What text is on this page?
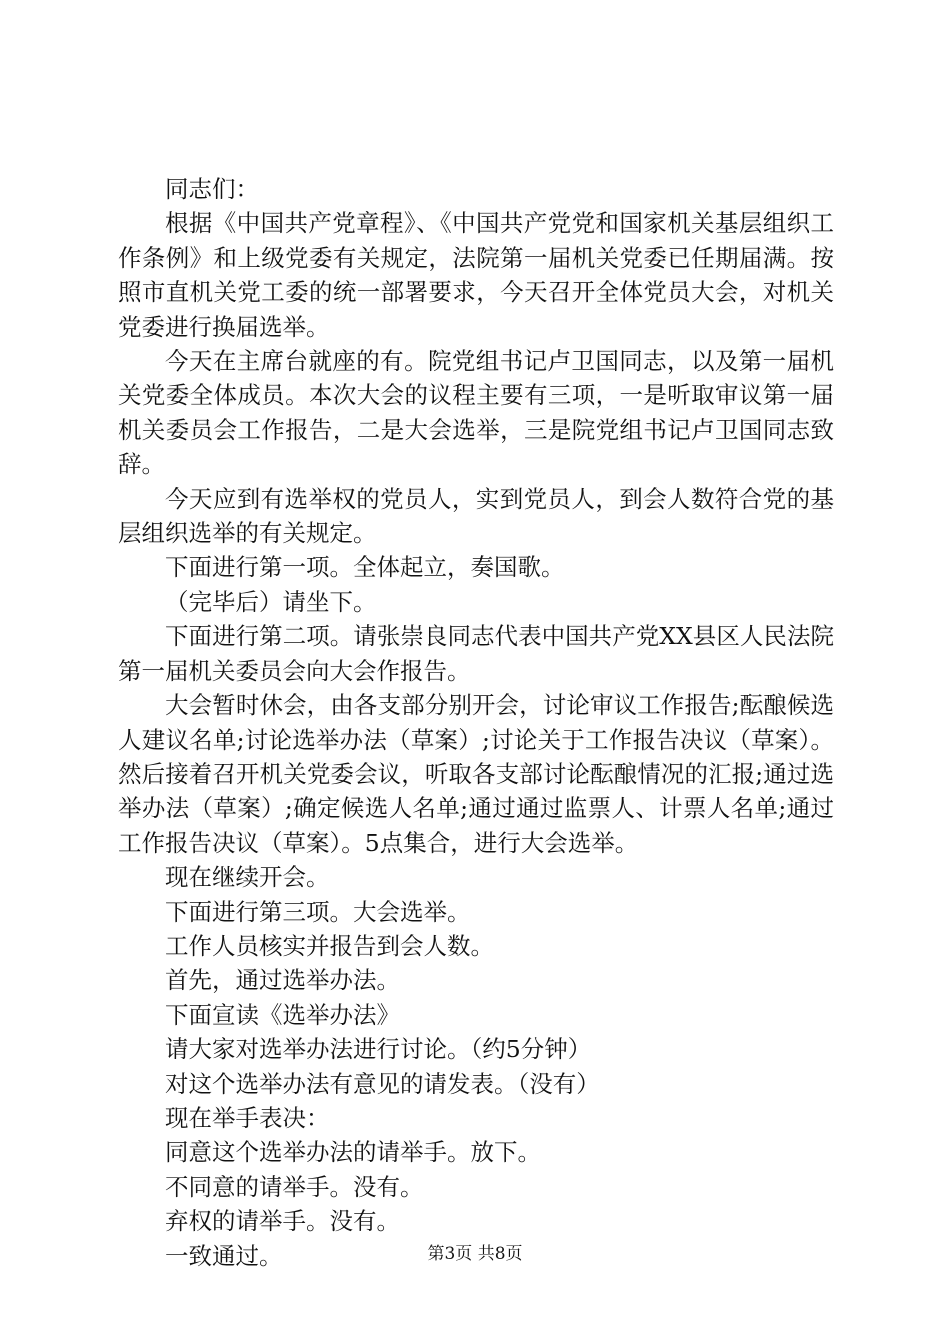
同志们：

根据《中国共产党章程》、《中国共产党党和国家机关基层组织工作条例》和上级党委有关规定，法院第一届机关党委已任期届满。按照市直机关党工委的统一部署要求，今天召开全体党员大会，对机关党委进行换届选举。

今天在主席台就座的有。院党组书记卢卫国同志，以及第一届机关党委全体成员。本次大会的议程主要有三项，一是听取审议第一届机关委员会工作报告，二是大会选举，三是院党组书记卢卫国同志致辞。

今天应到有选举权的党员人，实到党员人，到会人数符合党的基层组织选举的有关规定。

下面进行第一项。全体起立，奏国歌。

（完毕后）请坐下。

下面进行第二项。请张崇良同志代表中国共产党XX县区人民法院第一届机关委员会向大会作报告。

大会暂时休会，由各支部分别开会，讨论审议工作报告;酝酿候选人建议名单;讨论选举办法（草案）;讨论关于工作报告决议（草案）。然后接着召开机关党委会议，听取各支部讨论酝酿情况的汇报;通过选举办法（草案）;确定候选人名单;通过通过监票人、计票人名单;通过工作报告决议（草案）。5点集合，进行大会选举。

现在继续开会。

下面进行第三项。大会选举。

工作人员核实并报告到会人数。

首先，通过选举办法。

下面宣读《选举办法》

请大家对选举办法进行讨论。（约5分钟）

对这个选举办法有意见的请发表。（没有）

现在举手表决：

同意这个选举办法的请举手。放下。

不同意的请举手。没有。

弃权的请举手。没有。

一致通过。	第3页 共8页
